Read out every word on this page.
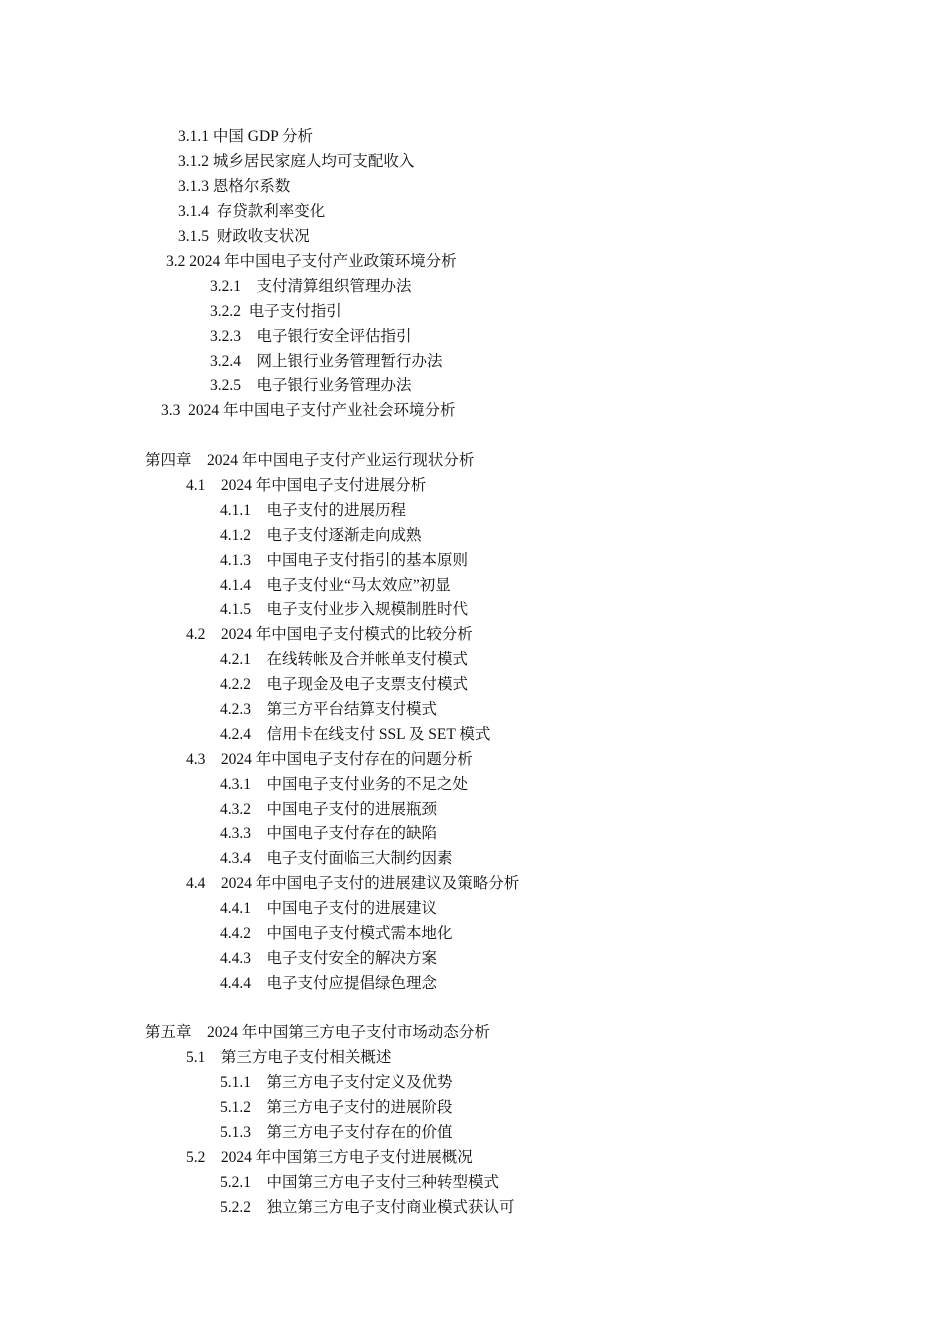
3.1.1 中国 GDP 分析
3.1.2 城乡居民家庭人均可支配收入
3.1.3 恩格尔系数
3.1.4  存贷款利率变化
3.1.5  财政收支状况
3.2 2024 年中国电子支付产业政策环境分析
3.2.1    支付清算组织管理办法
3.2.2  电子支付指引
3.2.3    电子银行安全评估指引
3.2.4    网上银行业务管理暂行办法
3.2.5    电子银行业务管理办法
3.3  2024 年中国电子支付产业社会环境分析
第四章    2024 年中国电子支付产业运行现状分析
4.1    2024 年中国电子支付进展分析
4.1.1    电子支付的进展历程
4.1.2    电子支付逐渐走向成熟
4.1.3    中国电子支付指引的基本原则
4.1.4    电子支付业“马太效应”初显
4.1.5    电子支付业步入规模制胜时代
4.2    2024 年中国电子支付模式的比较分析
4.2.1    在线转帐及合并帐单支付模式
4.2.2    电子现金及电子支票支付模式
4.2.3    第三方平台结算支付模式
4.2.4    信用卡在线支付 SSL 及 SET 模式
4.3    2024 年中国电子支付存在的问题分析
4.3.1    中国电子支付业务的不足之处
4.3.2    中国电子支付的进展瓶颈
4.3.3    中国电子支付存在的缺陷
4.3.4    电子支付面临三大制约因素
4.4    2024 年中国电子支付的进展建议及策略分析
4.4.1    中国电子支付的进展建议
4.4.2    中国电子支付模式需本地化
4.4.3    电子支付安全的解决方案
4.4.4    电子支付应提倡绿色理念
第五章    2024 年中国第三方电子支付市场动态分析
5.1    第三方电子支付相关概述
5.1.1    第三方电子支付定义及优势
5.1.2    第三方电子支付的进展阶段
5.1.3    第三方电子支付存在的价值
5.2    2024 年中国第三方电子支付进展概况
5.2.1    中国第三方电子支付三种转型模式
5.2.2    独立第三方电子支付商业模式获认可
